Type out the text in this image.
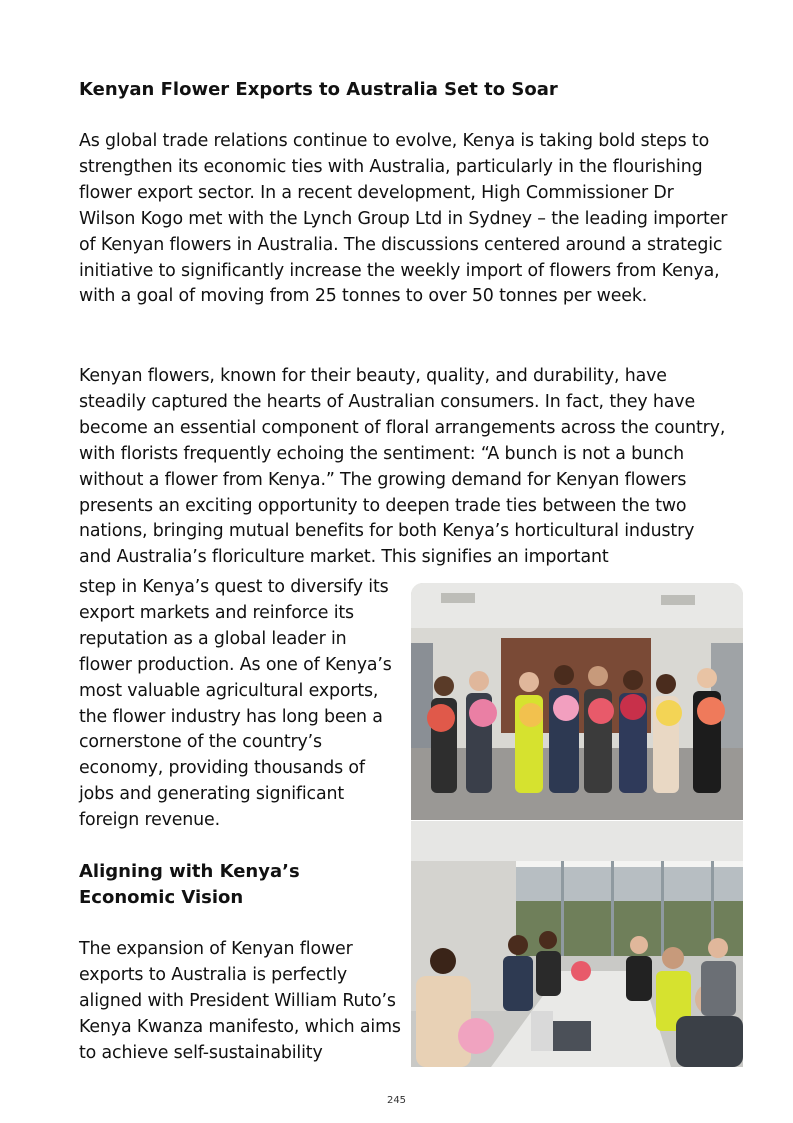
Kenyan Flower Exports to Australia Set to Soar

As global trade relations continue to evolve, Kenya is taking bold steps to strengthen its economic ties with Australia, particularly in the flourishing flower export sector. In a recent development, High Commissioner Dr Wilson Kogo met with the Lynch Group Ltd in Sydney – the leading importer of Kenyan flowers in Australia. The discussions centered around a strategic initiative to significantly increase the weekly import of flowers from Kenya, with a goal of moving from 25 tonnes to over 50 tonnes per week.

Kenyan flowers, known for their beauty, quality, and durability, have steadily captured the hearts of Australian consumers. In fact, they have become an essential component of floral arrangements across the country, with florists frequently echoing the sentiment: “A bunch is not a bunch without a flower from Kenya.” The growing demand for Kenyan flowers presents an exciting opportunity to deepen trade ties between the two nations, bringing mutual benefits for both Kenya’s horticultural industry and Australia’s floriculture market. This signifies an important

step in Kenya’s quest to diversify its export markets and reinforce its reputation as a global leader in flower production. As one of Kenya’s most valuable agricultural exports, the flower industry has long been a cornerstone of the country’s economy, providing thousands of jobs and generating significant foreign revenue.

Aligning with Kenya’s Economic Vision

The expansion of Kenyan flower exports to Australia is perfectly aligned with President William Ruto’s Kenya Kwanza manifesto, which aims to achieve self-sustainability

245
